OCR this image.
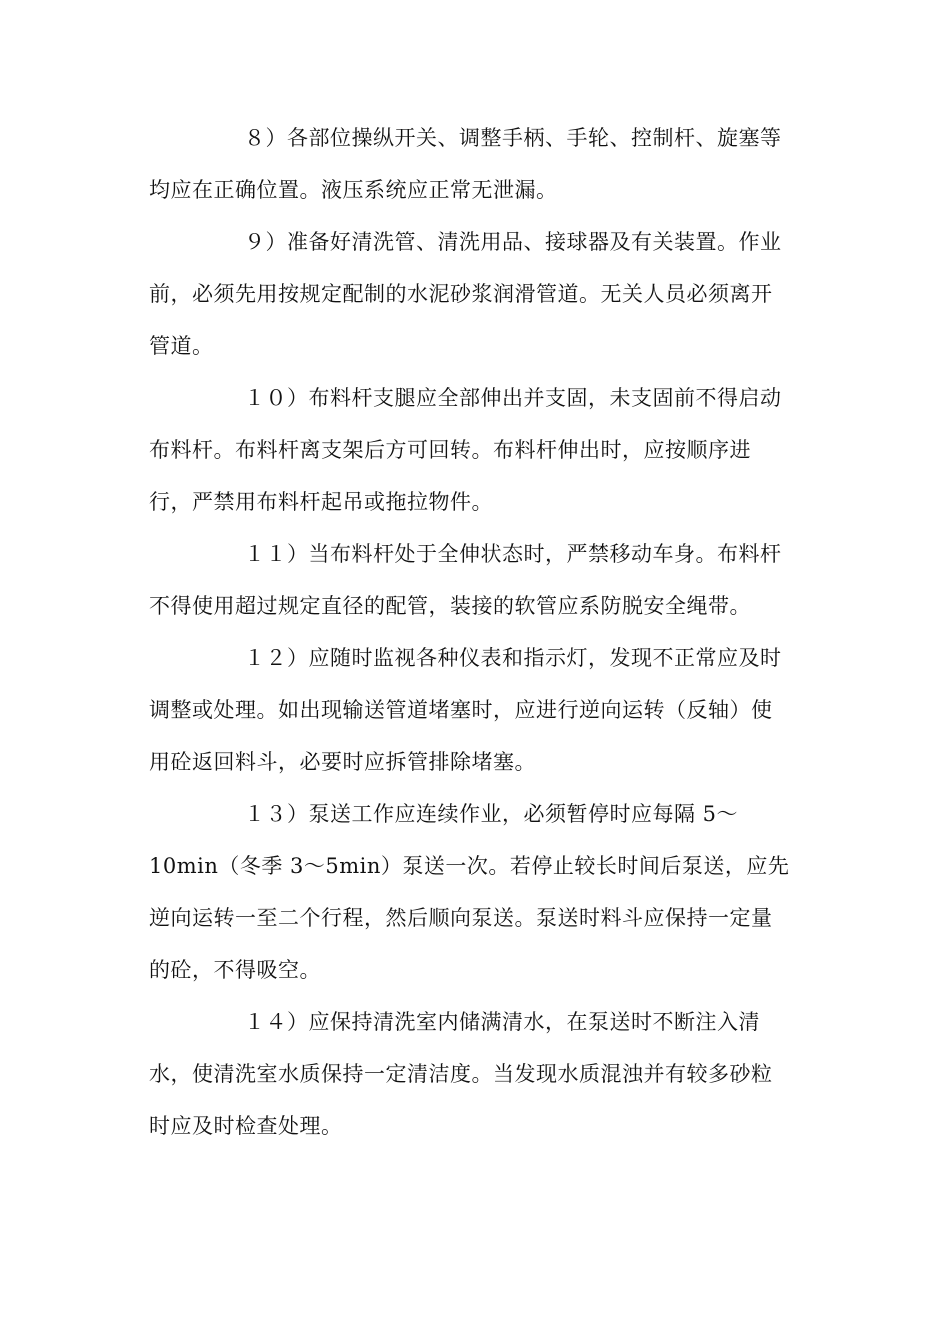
８）各部位操纵开关、调整手柄、手轮、控制杆、旋塞等
均应在正确位置。液压系统应正常无泄漏。

９）准备好清洗管、清洗用品、接球器及有关装置。作业
前，必须先用按规定配制的水泥砂浆润滑管道。无关人员必须离开
管道。

１０）布料杆支腿应全部伸出并支固，未支固前不得启动
布料杆。布料杆离支架后方可回转。布料杆伸出时，应按顺序进
行，严禁用布料杆起吊或拖拉物件。

１１）当布料杆处于全伸状态时，严禁移动车身。布料杆
不得使用超过规定直径的配管，装接的软管应系防脱安全绳带。

１２）应随时监视各种仪表和指示灯，发现不正常应及时
调整或处理。如出现输送管道堵塞时，应进行逆向运转（反轴）使
用砼返回料斗，必要时应拆管排除堵塞。

１３）泵送工作应连续作业，必须暂停时应每隔 5～
10min（冬季 3～5min）泵送一次。若停止较长时间后泵送，应先
逆向运转一至二个行程，然后顺向泵送。泵送时料斗应保持一定量
的砼，不得吸空。

１４）应保持清洗室内储满清水，在泵送时不断注入清
水，使清洗室水质保持一定清洁度。当发现水质混浊并有较多砂粒
时应及时检查处理。
